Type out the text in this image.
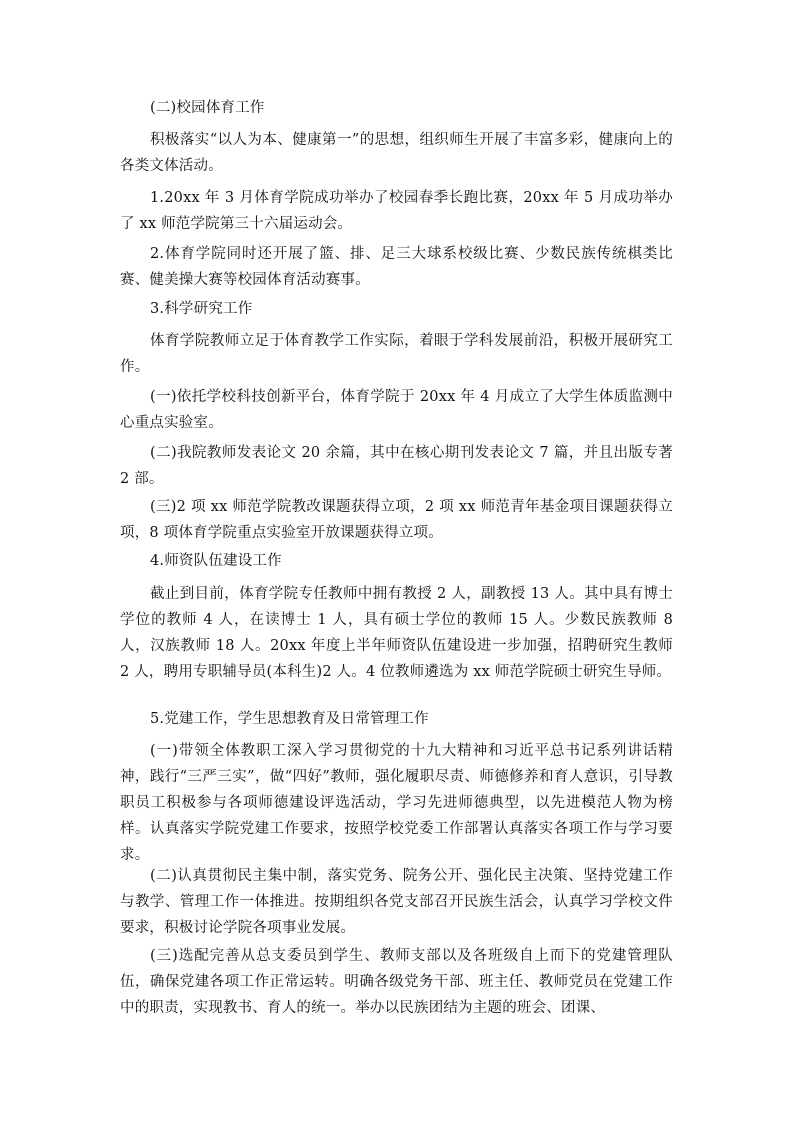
(二)校园体育工作

积极落实“以人为本、健康第一”的思想，组织师生开展了丰富多彩，健康向上的各类文体活动。

1.20xx 年 3 月体育学院成功举办了校园春季长跑比赛，20xx 年 5 月成功举办了 xx 师范学院第三十六届运动会。

2.体育学院同时还开展了篮、排、足三大球系校级比赛、少数民族传统棋类比赛、健美操大赛等校园体育活动赛事。

3.科学研究工作

体育学院教师立足于体育教学工作实际，着眼于学科发展前沿，积极开展研究工作。

(一)依托学校科技创新平台，体育学院于 20xx 年 4 月成立了大学生体质监测中心重点实验室。

(二)我院教师发表论文 20 余篇，其中在核心期刊发表论文 7 篇，并且出版专著 2 部。

(三)2 项 xx 师范学院教改课题获得立项，2 项 xx 师范青年基金项目课题获得立项，8 项体育学院重点实验室开放课题获得立项。

4.师资队伍建设工作

截止到目前，体育学院专任教师中拥有教授 2 人，副教授 13 人。其中具有博士学位的教师 4 人，在读博士 1 人，具有硕士学位的教师 15 人。少数民族教师 8 人，汉族教师 18 人。20xx 年度上半年师资队伍建设进一步加强，招聘研究生教师 2 人，聘用专职辅导员(本科生)2 人。4 位教师遴选为 xx 师范学院硕士研究生导师。

5.党建工作，学生思想教育及日常管理工作

(一)带领全体教职工深入学习贯彻党的十九大精神和习近平总书记系列讲话精神，践行“三严三实”，做“四好”教师，强化履职尽责、师德修养和育人意识，引导教职员工积极参与各项师德建设评选活动，学习先进师德典型，以先进模范人物为榜样。认真落实学院党建工作要求，按照学校党委工作部署认真落实各项工作与学习要求。

(二)认真贯彻民主集中制，落实党务、院务公开、强化民主决策、坚持党建工作与教学、管理工作一体推进。按期组织各党支部召开民族生活会，认真学习学校文件要求，积极讨论学院各项事业发展。

(三)选配完善从总支委员到学生、教师支部以及各班级自上而下的党建管理队伍，确保党建各项工作正常运转。明确各级党务干部、班主任、教师党员在党建工作中的职责，实现教书、育人的统一。举办以民族团结为主题的班会、团课、
